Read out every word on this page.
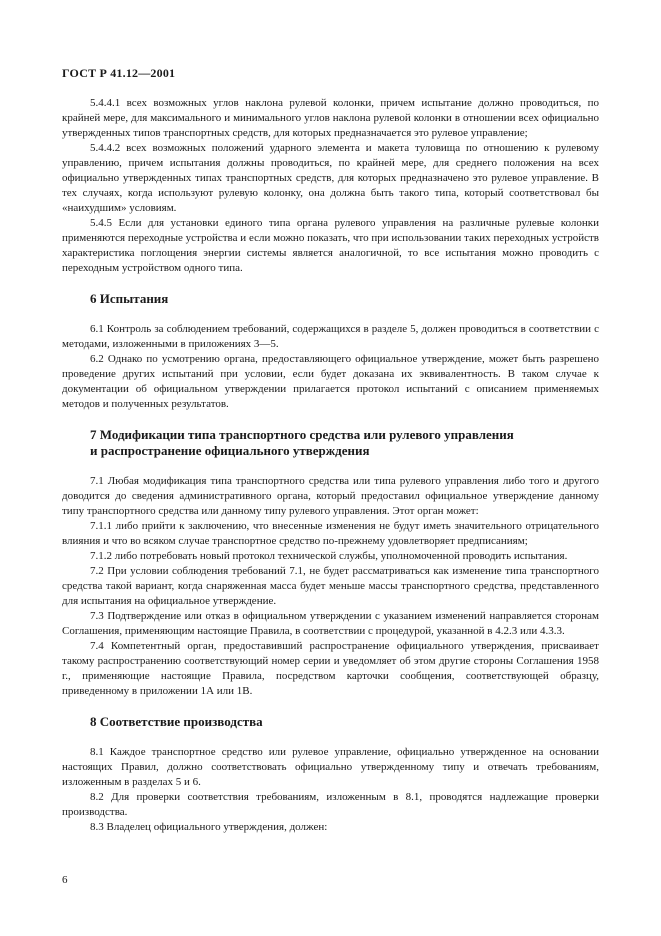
ГОСТ Р 41.12—2001

5.4.4.1 всех возможных углов наклона рулевой колонки, причем испытание должно проводиться, по крайней мере, для максимального и минимального углов наклона рулевой колонки в отношении всех официально утвержденных типов транспортных средств, для которых предназначается это рулевое управление;

5.4.4.2 всех возможных положений ударного элемента и макета туловища по отношению к рулевому управлению, причем испытания должны проводиться, по крайней мере, для среднего положения на всех официально утвержденных типах транспортных средств, для которых предназначено это рулевое управление. В тех случаях, когда используют рулевую колонку, она должна быть такого типа, который соответствовал бы «наихудшим» условиям.

5.4.5 Если для установки единого типа органа рулевого управления на различные рулевые колонки применяются переходные устройства и если можно показать, что при использовании таких переходных устройств характеристика поглощения энергии системы является аналогичной, то все испытания можно проводить с переходным устройством одного типа.

6 Испытания

6.1 Контроль за соблюдением требований, содержащихся в разделе 5, должен проводиться в соответствии с методами, изложенными в приложениях 3—5.

6.2 Однако по усмотрению органа, предоставляющего официальное утверждение, может быть разрешено проведение других испытаний при условии, если будет доказана их эквивалентность. В таком случае к документации об официальном утверждении прилагается протокол испытаний с описанием применяемых методов и полученных результатов.

7 Модификации типа транспортного средства или рулевого управления
и распространение официального утверждения

7.1 Любая модификация типа транспортного средства или типа рулевого управления либо того и другого доводится до сведения административного органа, который предоставил официальное утверждение данному типу транспортного средства или данному типу рулевого управления. Этот орган может:

7.1.1 либо прийти к заключению, что внесенные изменения не будут иметь значительного отрицательного влияния и что во всяком случае транспортное средство по-прежнему удовлетворяет предписаниям;

7.1.2 либо потребовать новый протокол технической службы, уполномоченной проводить испытания.

7.2 При условии соблюдения требований 7.1, не будет рассматриваться как изменение типа транспортного средства такой вариант, когда снаряженная масса будет меньше массы транспортного средства, представленного для испытания на официальное утверждение.

7.3 Подтверждение или отказ в официальном утверждении с указанием изменений направляется сторонам Соглашения, применяющим настоящие Правила, в соответствии с процедурой, указанной в 4.2.3 или 4.3.3.

7.4 Компетентный орган, предоставивший распространение официального утверждения, присваивает такому распространению соответствующий номер серии и уведомляет об этом другие стороны Соглашения 1958 г., применяющие настоящие Правила, посредством карточки сообщения, соответствующей образцу, приведенному в приложении 1А или 1В.

8 Соответствие производства

8.1 Каждое транспортное средство или рулевое управление, официально утвержденное на основании настоящих Правил, должно соответствовать официально утвержденному типу и отвечать требованиям, изложенным в разделах 5 и 6.

8.2 Для проверки соответствия требованиям, изложенным в 8.1, проводятся надлежащие проверки производства.

8.3 Владелец официального утверждения, должен:

6
